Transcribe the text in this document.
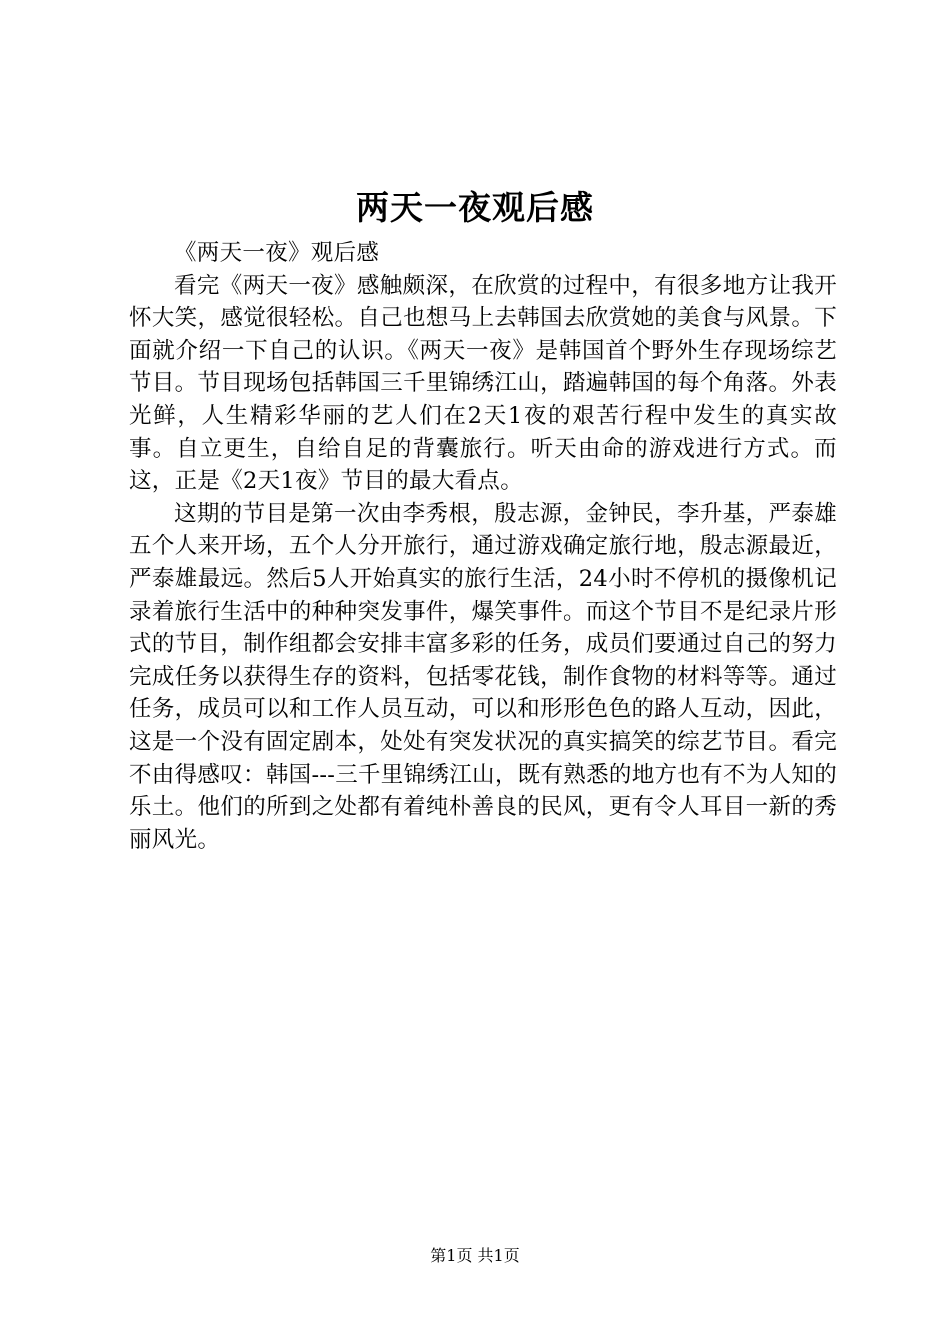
两天一夜观后感

《两天一夜》观后感

看完《两天一夜》感触颇深，在欣赏的过程中，有很多地方让我开怀大笑，感觉很轻松。自己也想马上去韩国去欣赏她的美食与风景。下面就介绍一下自己的认识。《两天一夜》是韩国首个野外生存现场综艺节目。节目现场包括韩国三千里锦绣江山，踏遍韩国的每个角落。外表光鲜，人生精彩华丽的艺人们在2天1夜的艰苦行程中发生的真实故事。自立更生，自给自足的背囊旅行。听天由命的游戏进行方式。而这，正是《2天1夜》节目的最大看点。

这期的节目是第一次由李秀根，殷志源，金钟民，李升基，严泰雄五个人来开场，五个人分开旅行，通过游戏确定旅行地，殷志源最近，严泰雄最远。然后5人开始真实的旅行生活，24小时不停机的摄像机记录着旅行生活中的种种突发事件，爆笑事件。而这个节目不是纪录片形式的节目，制作组都会安排丰富多彩的任务，成员们要通过自己的努力完成任务以获得生存的资料，包括零花钱，制作食物的材料等等。通过任务，成员可以和工作人员互动，可以和形形色色的路人互动，因此，这是一个没有固定剧本，处处有突发状况的真实搞笑的综艺节目。看完不由得感叹：韩国---三千里锦绣江山，既有熟悉的地方也有不为人知的乐土。他们的所到之处都有着纯朴善良的民风，更有令人耳目一新的秀丽风光。

第1页 共1页
